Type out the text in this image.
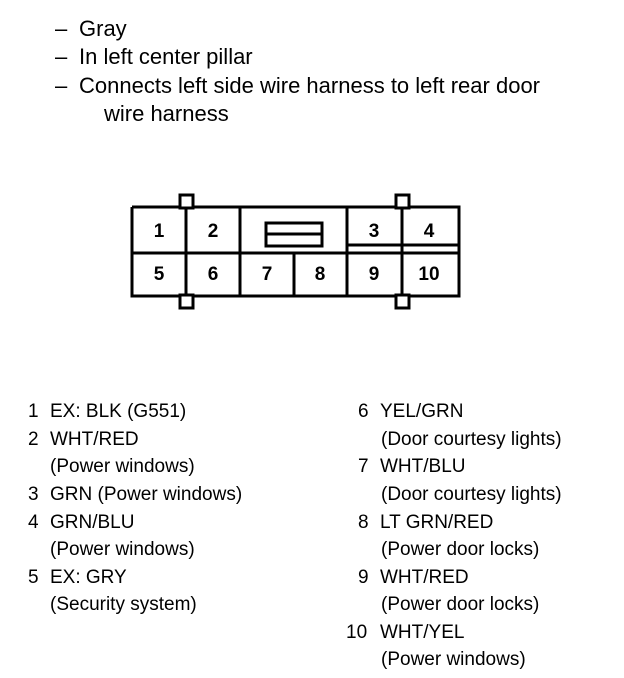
– Gray
– In left center pillar
– Connects left side wire harness to left rear door
wire harness
1 2	3 4
5 6 7 8 9 10
1 EX: BLK (G551)
2 WHT/RED
(Power windows)
3 GRN (Power windows)
4 GRN/BLU
(Power windows)
5 EX: GRY
(Security system)
6 YEL/GRN
(Door courtesy lights)
7 WHT/BLU
(Door courtesy lights)
8 LT GRN/RED
(Power door locks)
9 WHT/RED
(Power door locks)
10 WHT/YEL
(Power windows)
